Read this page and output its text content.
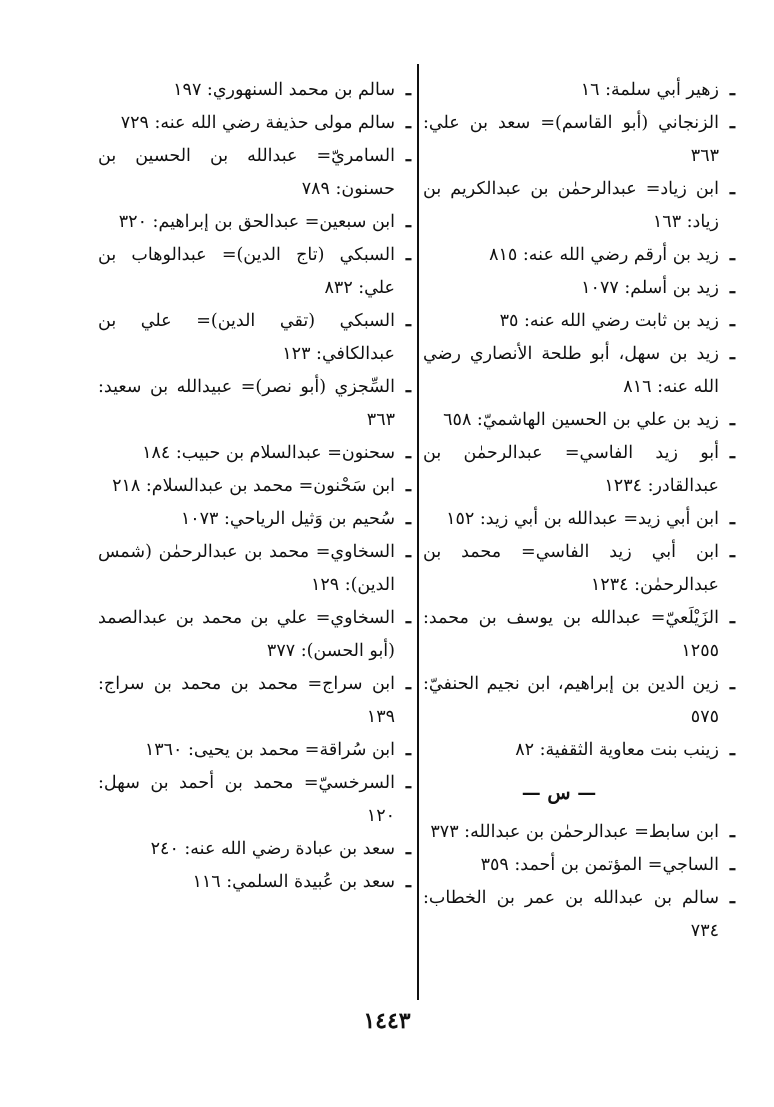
ـ
زهير أبي سلمة: ١٦

ـ
الزنجاني (أبو القاسم)= سعد بن علي: ٣٦٣

ـ
ابن زياد= عبدالرحمٰن بن عبدالكريم بن زياد: ١٦٣

ـ
زيد بن أرقم رضي الله عنه: ٨١٥

ـ
زيد بن أسلم: ١٠٧٧

ـ
زيد بن ثابت رضي الله عنه: ٣٥

ـ
زيد بن سهل، أبو طلحة الأنصاري رضي الله عنه: ٨١٦

ـ
زيد بن علي بن الحسين الهاشميّ: ٦٥٨

ـ
أبو زيد الفاسي= عبدالرحمٰن بن عبدالقادر: ١٢٣٤

ـ
ابن أبي زيد= عبدالله بن أبي زيد: ١٥٢

ـ
ابن أبي زيد الفاسي= محمد بن عبدالرحمٰن: ١٢٣٤

ـ
الزَيْلَعيّ= عبدالله بن يوسف بن محمد: ١٢٥٥

ـ
زين الدين بن إبراهيم، ابن نجيم الحنفيّ: ٥٧٥

ـ
زينب بنت معاوية الثقفية: ٨٢

— س —

ـ
ابن سابط= عبدالرحمٰن بن عبدالله: ٣٧٣

ـ
الساجي= المؤتمن بن أحمد: ٣٥٩

ـ
سالم بن عبدالله بن عمر بن الخطاب: ٧٣٤

ـ
سالم بن محمد السنهوري: ١٩٧

ـ
سالم مولى حذيفة رضي الله عنه: ٧٢٩

ـ
السامريّ= عبدالله بن الحسين بن حسنون: ٧٨٩

ـ
ابن سبعين= عبدالحق بن إبراهيم: ٣٢٠

ـ
السبكي (تاج الدين)= عبدالوهاب بن علي: ٨٣٢

ـ
السبكي (تقي الدين)= علي بن عبدالكافي: ١٢٣

ـ
السِّجزي (أبو نصر)= عبيدالله بن سعيد: ٣٦٣

ـ
سحنون= عبدالسلام بن حبيب: ١٨٤

ـ
ابن سَحْنون= محمد بن عبدالسلام: ٢١٨

ـ
سُحيم بن وَثيل الرياحي: ١٠٧٣

ـ
السخاوي= محمد بن عبدالرحمٰن (شمس الدين): ١٢٩

ـ
السخاوي= علي بن محمد بن عبدالصمد (أبو الحسن): ٣٧٧

ـ
ابن سراج= محمد بن محمد بن سراج: ١٣٩

ـ
ابن سُراقة= محمد بن يحيى: ١٣٦٠

ـ
السرخسيّ= محمد بن أحمد بن سهل: ١٢٠

ـ
سعد بن عبادة رضي الله عنه: ٢٤٠

ـ
سعد بن عُبيدة السلمي: ١١٦

١٤٤٣
